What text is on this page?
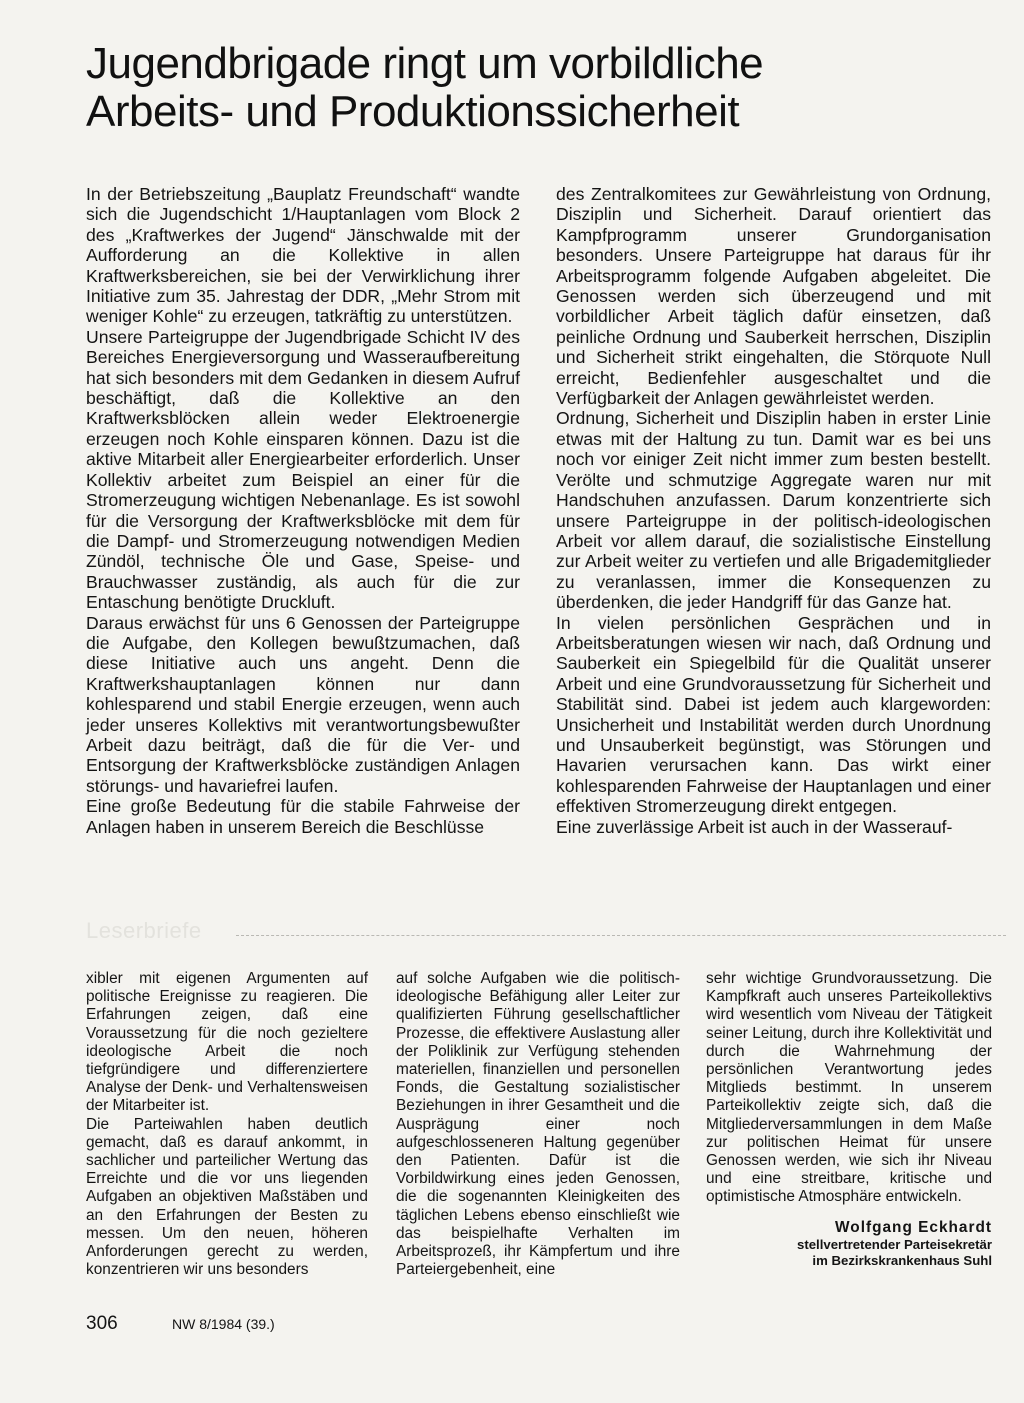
Jugendbrigade ringt um vorbildliche
Arbeits- und Produktionssicherheit

In der Betriebszeitung „Bauplatz Freundschaft“ wandte sich die Jugendschicht 1/Hauptanlagen vom Block 2 des „Kraftwerkes der Jugend“ Jänschwalde mit der Aufforderung an die Kollektive in allen Kraftwerksbereichen, sie bei der Verwirklichung ihrer Initiative zum 35. Jahrestag der DDR, „Mehr Strom mit weniger Kohle“ zu erzeugen, tatkräftig zu unterstützen.

Unsere Parteigruppe der Jugendbrigade Schicht IV des Bereiches Energieversorgung und Wasseraufbereitung hat sich besonders mit dem Gedanken in diesem Aufruf beschäftigt, daß die Kollektive an den Kraftwerksblöcken allein weder Elektroenergie erzeugen noch Kohle einsparen können. Dazu ist die aktive Mitarbeit aller Energiearbeiter erforderlich. Unser Kollektiv arbeitet zum Beispiel an einer für die Stromerzeugung wichtigen Nebenanlage. Es ist sowohl für die Versorgung der Kraftwerksblöcke mit dem für die Dampf- und Stromerzeugung notwendigen Medien Zündöl, technische Öle und Gase, Speise- und Brauchwasser zuständig, als auch für die zur Entaschung benötigte Druckluft.

Daraus erwächst für uns 6 Genossen der Parteigruppe die Aufgabe, den Kollegen bewußtzumachen, daß diese Initiative auch uns angeht. Denn die Kraftwerkshauptanlagen können nur dann kohlesparend und stabil Energie erzeugen, wenn auch jeder unseres Kollektivs mit verantwortungsbewußter Arbeit dazu beiträgt, daß die für die Ver- und Entsorgung der Kraftwerksblöcke zuständigen Anlagen störungs- und havariefrei laufen.

Eine große Bedeutung für die stabile Fahrweise der Anlagen haben in unserem Bereich die Beschlüsse

des Zentralkomitees zur Gewährleistung von Ordnung, Disziplin und Sicherheit. Darauf orientiert das Kampfprogramm unserer Grundorganisation besonders. Unsere Parteigruppe hat daraus für ihr Arbeitsprogramm folgende Aufgaben abgeleitet. Die Genossen werden sich überzeugend und mit vorbildlicher Arbeit täglich dafür einsetzen, daß peinliche Ordnung und Sauberkeit herrschen, Disziplin und Sicherheit strikt eingehalten, die Störquote Null erreicht, Bedienfehler ausgeschaltet und die Verfügbarkeit der Anlagen gewährleistet werden.

Ordnung, Sicherheit und Disziplin haben in erster Linie etwas mit der Haltung zu tun. Damit war es bei uns noch vor einiger Zeit nicht immer zum besten bestellt. Verölte und schmutzige Aggregate waren nur mit Handschuhen anzufassen. Darum konzentrierte sich unsere Parteigruppe in der politisch-ideologischen Arbeit vor allem darauf, die sozialistische Einstellung zur Arbeit weiter zu vertiefen und alle Brigademitglieder zu veranlassen, immer die Konsequenzen zu überdenken, die jeder Handgriff für das Ganze hat.

In vielen persönlichen Gesprächen und in Arbeitsberatungen wiesen wir nach, daß Ordnung und Sauberkeit ein Spiegelbild für die Qualität unserer Arbeit und eine Grundvoraussetzung für Sicherheit und Stabilität sind. Dabei ist jedem auch klargeworden: Unsicherheit und Instabilität werden durch Unordnung und Unsauberkeit begünstigt, was Störungen und Havarien verursachen kann. Das wirkt einer kohlesparenden Fahrweise der Hauptanlagen und einer effektiven Stromerzeugung direkt entgegen.

Eine zuverlässige Arbeit ist auch in der Wasserauf-

Leserbriefe

xibler mit eigenen Argumenten auf politische Ereignisse zu reagieren. Die Erfahrungen zeigen, daß eine Voraussetzung für die noch gezieltere ideologische Arbeit die noch tiefgründigere und differenziertere Analyse der Denk- und Verhaltensweisen der Mitarbeiter ist.

Die Parteiwahlen haben deutlich gemacht, daß es darauf ankommt, in sachlicher und parteilicher Wertung das Erreichte und die vor uns liegenden Aufgaben an objektiven Maßstäben und an den Erfahrungen der Besten zu messen. Um den neuen, höheren Anforderungen gerecht zu werden, konzentrieren wir uns besonders

auf solche Aufgaben wie die politisch-ideologische Befähigung aller Leiter zur qualifizierten Führung gesellschaftlicher Prozesse, die effektivere Auslastung aller der Poliklinik zur Verfügung stehenden materiellen, finanziellen und personellen Fonds, die Gestaltung sozialistischer Beziehungen in ihrer Gesamtheit und die Ausprägung einer noch aufgeschlosseneren Haltung gegenüber den Patienten. Dafür ist die Vorbildwirkung eines jeden Genossen, die die sogenannten Kleinigkeiten des täglichen Lebens ebenso einschließt wie das beispielhafte Verhalten im Arbeitsprozeß, ihr Kämpfertum und ihre Parteiergebenheit, eine

sehr wichtige Grundvoraussetzung. Die Kampfkraft auch unseres Parteikollektivs wird wesentlich vom Niveau der Tätigkeit seiner Leitung, durch ihre Kollektivität und durch die Wahrnehmung der persönlichen Verantwortung jedes Mitglieds bestimmt. In unserem Parteikollektiv zeigte sich, daß die Mitgliederversammlungen in dem Maße zur politischen Heimat für unsere Genossen werden, wie sich ihr Niveau und eine streitbare, kritische und optimistische Atmosphäre entwickeln.

Wolfgang Eckhardt
stellvertretender Parteisekretär
im Bezirkskrankenhaus Suhl
306	NW 8/1984 (39.)
